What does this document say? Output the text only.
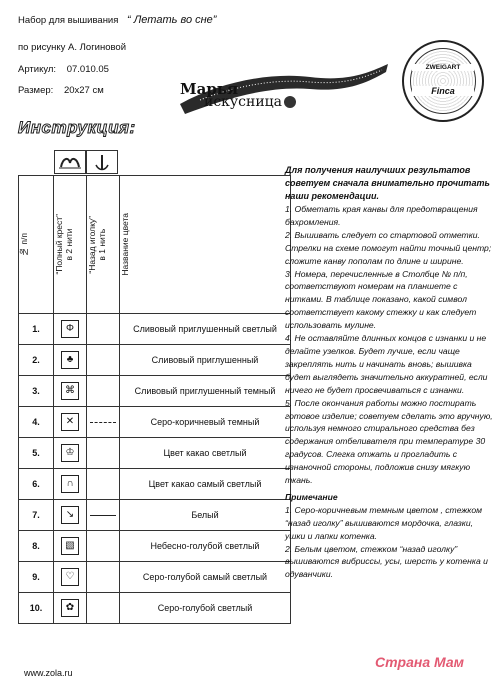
Набор для вышивания “ Летать во сне”
по рисунку А. Логиновой
Артикул: 07.010.05
Размер: 20х27 см	Марья
искусница
ZWEIGART
Finca
Инструкция:
№ п/п	“Полный крест”
в 2 нити	“Назад иголку”
в 1 нить	Название цвета

1.	Φ		Сливовый приглушенный светлый
2.	♣		Сливовый приглушенный
3.	⌘		Сливовый приглушенный темный
4.	✕		Серо-коричневый темный
5.	♔		Цвет какао светлый
6.	∩		Цвет какао самый светлый
7.	↘		Белый
8.	▧		Небесно-голубой светлый
9.	♡		Серо-голубой самый светлый
10.	✿		Серо-голубой светлый

Для получения наилучших результатов советуем сначала внимательно прочитать наши рекомендации.

1. Обметать края канвы для предотвращения бахромления.

2. Вышивать следует со стартовой отметки. Стрелки на схеме помогут найти точный центр; сложите канву пополам по длине и ширине.

3. Номера, перечисленные в Столбце № п/п, соответствуют номерам на планшете с нитками. В таблице показано, какой символ соответствует какому стежку и как следует использовать мулине.

4. Не оставляйте длинных концов с изнанки и не делайте узелков. Будет лучше, если чаще закреплять нить и начинать вновь; вышивка будет выглядеть значительно аккуратней, если ничего не будет просвечиваться с изнанки.

5. После окончания работы можно постирать готовое изделие; советуем сделать это вручную, используя немного стирального средства без содержания отбеливателя при температуре 30 градусов. Слегка отжать и прогладить с изнаночной стороны, подложив снизу мягкую ткань.

Примечание

1. Серо-коричневым темным цветом , стежком “назад иголку” вышиваются мордочка, глазки, ушки и лапки котенка.

2. Белым цветом, стежком “назад иголку” вышиваются вибриссы, усы, шерсть у котенка и одуванчики.

www.zola.ru
Страна Мам
